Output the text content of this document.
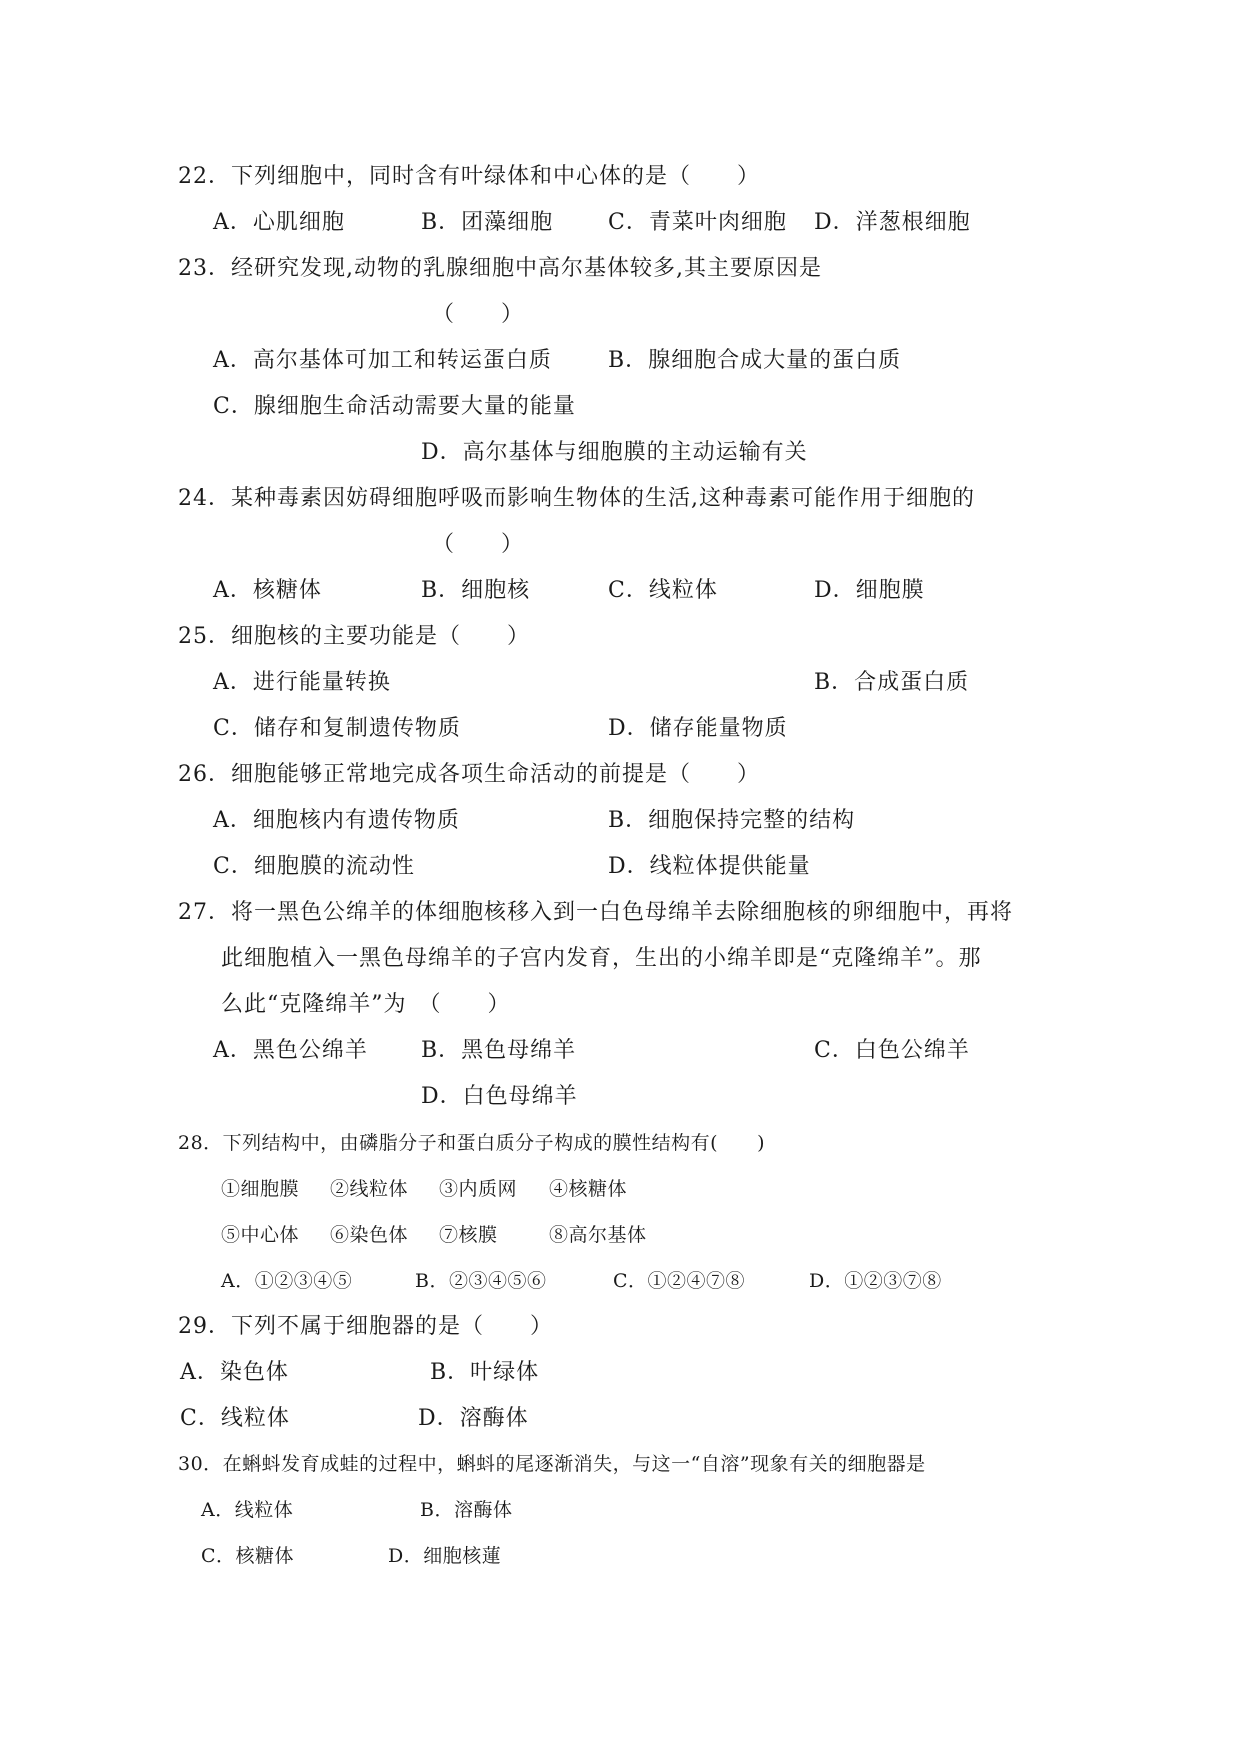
22．下列细胞中，同时含有叶绿体和中心体的是（　　）
A．心肌细胞	B．团藻细胞 C．青菜叶肉细胞 D．洋葱根细胞
23．经研究发现,动物的乳腺细胞中高尔基体较多,其主要原因是
（　　）
A．高尔基体可加工和转运蛋白质	B．腺细胞合成大量的蛋白质
C．腺细胞生命活动需要大量的能量
D．高尔基体与细胞膜的主动运输有关
24．某种毒素因妨碍细胞呼吸而影响生物体的生活,这种毒素可能作用于细胞的
（　　）
A．核糖体	B．细胞核	C．线粒体	D．细胞膜
25．细胞核的主要功能是（　　）
A．进行能量转换	B．合成蛋白质
C．储存和复制遗传物质	D．储存能量物质
26．细胞能够正常地完成各项生命活动的前提是（　　）
A．细胞核内有遗传物质	B．细胞保持完整的结构
C．细胞膜的流动性	D．线粒体提供能量
27．将一黑色公绵羊的体细胞核移入到一白色母绵羊去除细胞核的卵细胞中，再将
此细胞植入一黑色母绵羊的子宫内发育，生出的小绵羊即是“克隆绵羊”。那
么此“克隆绵羊”为　（　　）
A．黑色公绵羊 B．黑色母绵羊	C．白色公绵羊
D．白色母绵羊
28．下列结构中，由磷脂分子和蛋白质分子构成的膜性结构有(　　)
①细胞膜 ②线粒体 ③内质网 ④核糖体
⑤中心体 ⑥染色体 ⑦核膜	⑧高尔基体
A．①②③④⑤	B．②③④⑤⑥	C．①②④⑦⑧	D．①②③⑦⑧
29．下列不属于细胞器的是（　　）
A．染色体	B．叶绿体
C．线粒体	D．溶酶体
30．在蝌蚪发育成蛙的过程中，蝌蚪的尾逐渐消失，与这一“自溶”现象有关的细胞器是
A．线粒体	B．溶酶体
C．核糖体	D．细胞核蓮
